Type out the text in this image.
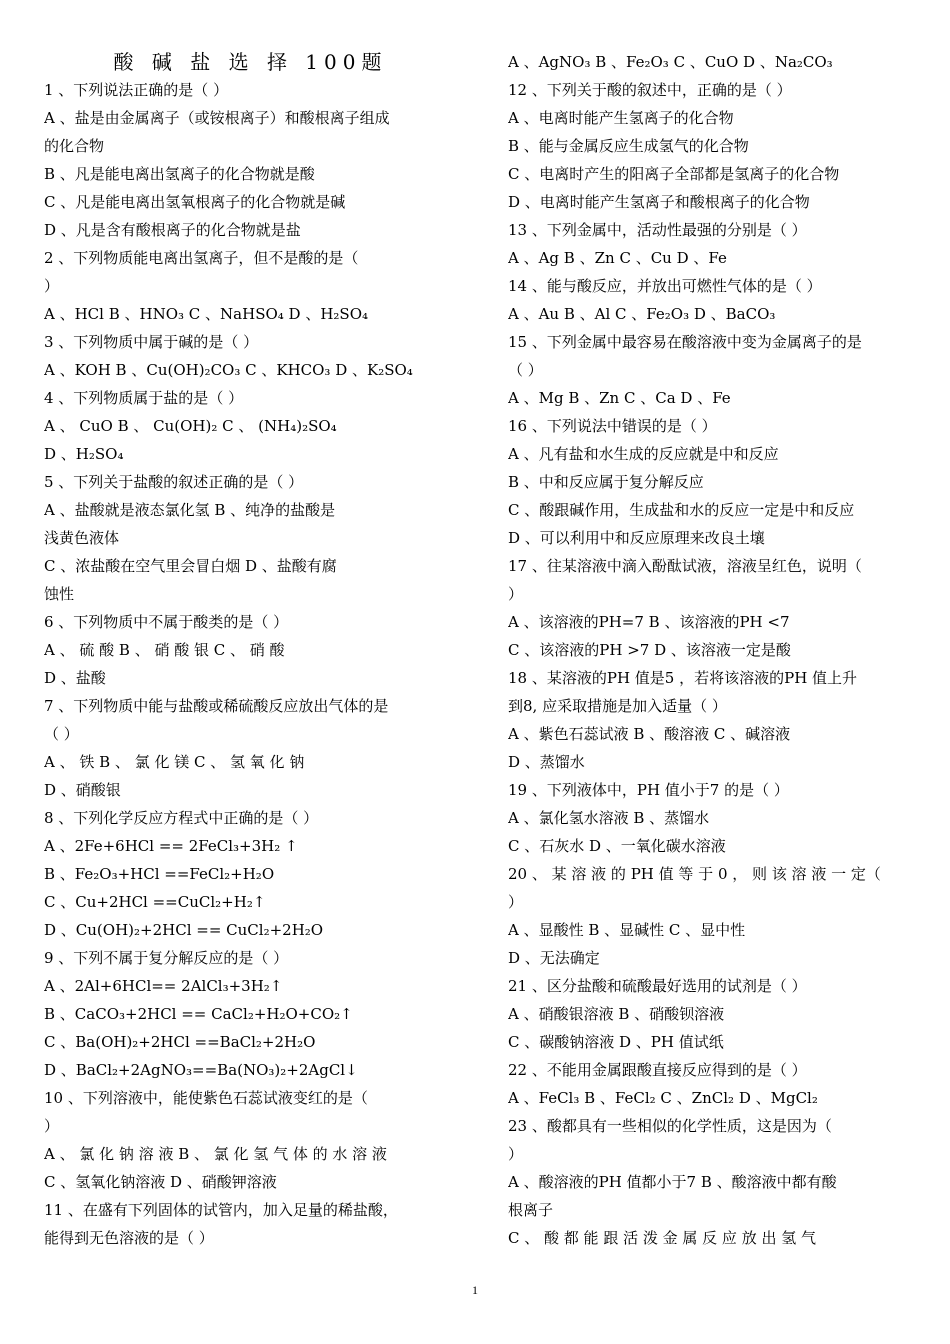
酸 碱 盐 选 择 100题
1 、下列说法正确的是（ ）
A 、盐是由金属离子（或铵根离子）和酸根离子组成
的化合物
B 、凡是能电离出氢离子的化合物就是酸
C 、凡是能电离出氢氧根离子的化合物就是碱
D 、凡是含有酸根离子的化合物就是盐
2 、下列物质能电离出氢离子，但不是酸的是（
）
A 、HCl B 、HNO₃ C 、NaHSO₄ D 、H₂SO₄
3 、下列物质中属于碱的是（ ）
A 、KOH B 、Cu(OH)₂CO₃ C 、KHCO₃ D 、K₂SO₄
4 、下列物质属于盐的是（ ）
A 、 CuO B 、 Cu(OH)₂ C 、 (NH₄)₂SO₄
D 、H₂SO₄
5 、下列关于盐酸的叙述正确的是（ ）
A 、盐酸就是液态氯化氢 B 、纯净的盐酸是
浅黄色液体
C 、浓盐酸在空气里会冒白烟 D 、盐酸有腐
蚀性
6 、下列物质中不属于酸类的是（ ）
A 、 硫 酸 B 、 硝 酸 银 C 、 硝 酸
D 、盐酸
7 、下列物质中能与盐酸或稀硫酸反应放出气体的是
（ ）
A 、 铁 B 、 氯 化 镁 C 、 氢 氧 化 钠
D 、硝酸银
8 、下列化学反应方程式中正确的是（ ）
A 、2Fe+6HCl == 2FeCl₃+3H₂ ↑
B 、Fe₂O₃+HCl ==FeCl₂+H₂O
C 、Cu+2HCl ==CuCl₂+H₂↑
D 、Cu(OH)₂+2HCl == CuCl₂+2H₂O
9 、下列不属于复分解反应的是（ ）
A 、2Al+6HCl== 2AlCl₃+3H₂↑
B 、CaCO₃+2HCl == CaCl₂+H₂O+CO₂↑
C 、Ba(OH)₂+2HCl ==BaCl₂+2H₂O
D 、BaCl₂+2AgNO₃==Ba(NO₃)₂+2AgCl↓
10 、下列溶液中，能使紫色石蕊试液变红的是（
）
A 、 氯 化 钠 溶 液 B 、 氯 化 氢 气 体 的 水 溶 液
C 、氢氧化钠溶液 D 、硝酸钾溶液
11 、在盛有下列固体的试管内，加入足量的稀盐酸，
能得到无色溶液的是（ ）
A 、AgNO₃ B 、Fe₂O₃ C 、CuO D 、Na₂CO₃
12 、下列关于酸的叙述中，正确的是（ ）
A 、电离时能产生氢离子的化合物
B 、能与金属反应生成氢气的化合物
C 、电离时产生的阳离子全部都是氢离子的化合物
D 、电离时能产生氢离子和酸根离子的化合物
13 、下列金属中，活动性最强的分别是（ ）
A 、Ag B 、Zn C 、Cu D 、Fe
14 、能与酸反应，并放出可燃性气体的是（ ）
A 、Au B 、Al C 、Fe₂O₃ D 、BaCO₃
15 、下列金属中最容易在酸溶液中变为金属离子的是
（ ）
A 、Mg B 、Zn C 、Ca D 、Fe
16 、下列说法中错误的是（ ）
A 、凡有盐和水生成的反应就是中和反应
B 、中和反应属于复分解反应
C 、酸跟碱作用，生成盐和水的反应一定是中和反应
D 、可以利用中和反应原理来改良土壤
17 、往某溶液中滴入酚酞试液，溶液呈红色，说明（
）
A 、该溶液的PH=7 B 、该溶液的PH <7
C 、该溶液的PH >7 D 、该溶液一定是酸
18 、某溶液的PH 值是5 ，若将该溶液的PH 值上升
到8, 应采取措施是加入适量（ ）
A 、紫色石蕊试液 B 、酸溶液 C 、碱溶液
D 、蒸馏水
19 、下列液体中，PH 值小于7 的是（ ）
A 、氯化氢水溶液 B 、蒸馏水
C 、石灰水 D 、一氧化碳水溶液
20 、 某 溶 液 的 PH 值 等 于 0 ， 则 该 溶 液 一 定（
）
A 、显酸性 B 、显碱性 C 、显中性
D 、无法确定
21 、区分盐酸和硫酸最好选用的试剂是（ ）
A 、硝酸银溶液 B 、硝酸钡溶液
C 、碳酸钠溶液 D 、PH 值试纸
22 、不能用金属跟酸直接反应得到的是（ ）
A 、FeCl₃ B 、FeCl₂ C 、ZnCl₂ D 、MgCl₂
23 、酸都具有一些相似的化学性质，这是因为（
）
A 、酸溶液的PH 值都小于7 B 、酸溶液中都有酸
根离子
C 、 酸 都 能 跟 活 泼 金 属 反 应 放 出 氢 气
1
